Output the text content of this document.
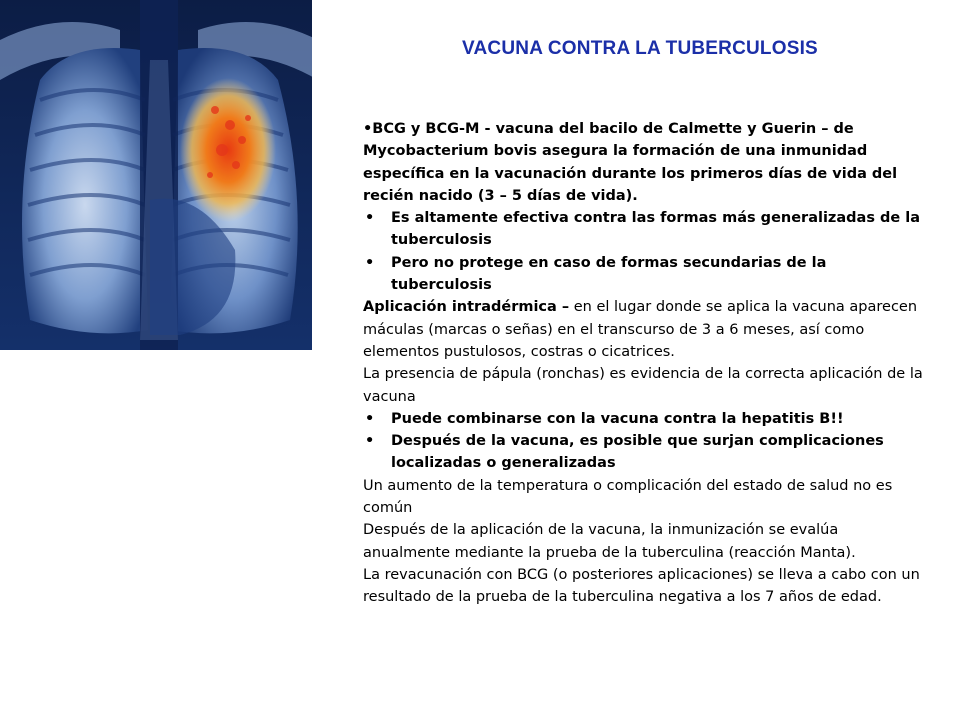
VACUNA CONTRA LA TUBERCULOSIS

•BCG y BCG-M - vacuna del bacilo de Calmette y Guerin – de Mycobacterium bovis asegura la formación de una inmunidad específica en la vacunación durante los primeros días de vida del recién nacido (3 – 5 días de vida).

• Es altamente efectiva contra las formas más generalizadas de la tuberculosis

• Pero no protege en caso de formas secundarias de la tuberculosis

Aplicación intradérmica – en el lugar donde se aplica la vacuna aparecen máculas (marcas o señas) en el transcurso de 3 a 6 meses, así como elementos pustulosos, costras o cicatrices.

La presencia de pápula (ronchas) es evidencia de la correcta aplicación de la vacuna

• Puede combinarse con la vacuna contra la hepatitis B!!

• Después de la vacuna, es posible que surjan complicaciones localizadas o generalizadas

Un aumento de la temperatura o complicación del estado de salud no es común

Después de la aplicación de la vacuna, la inmunización se evalúa anualmente mediante la prueba de la tuberculina (reacción Manta).

La revacunación con BCG (o posteriores aplicaciones) se lleva a cabo con un resultado de la prueba de la tuberculina negativa a los 7 años de edad.
